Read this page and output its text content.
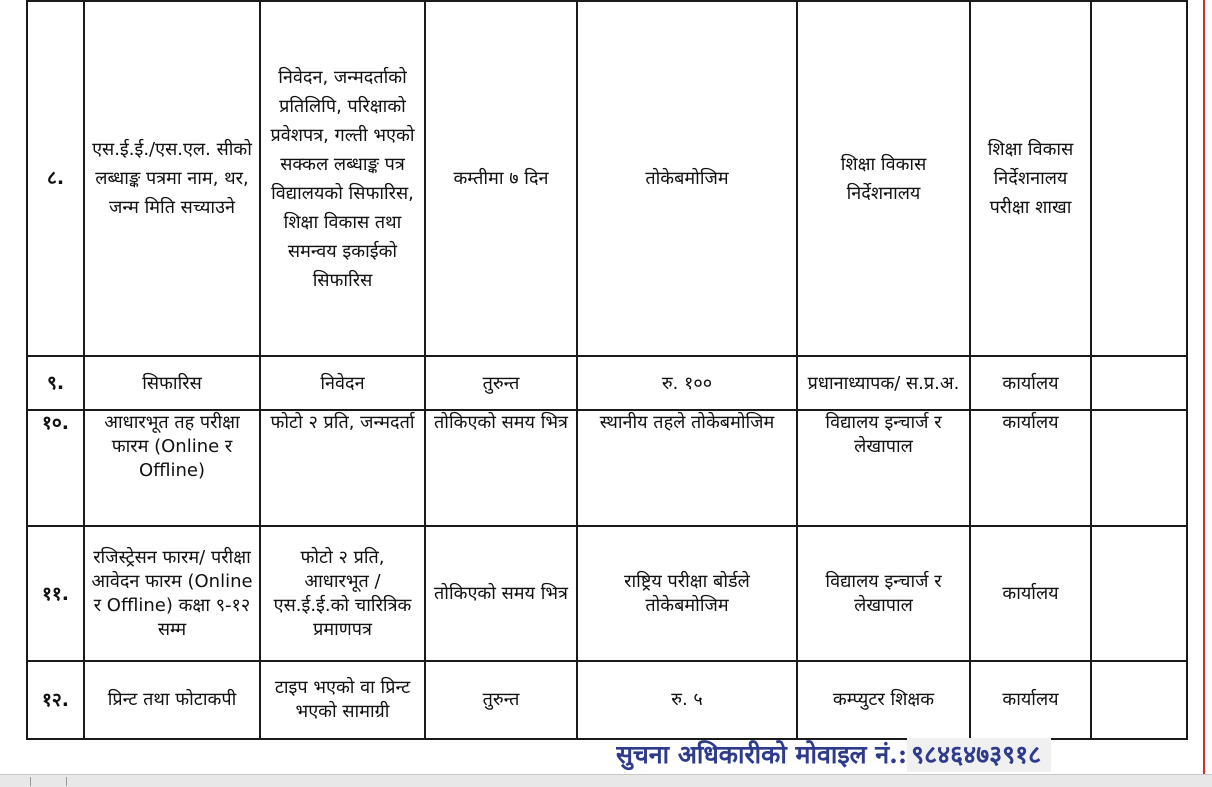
८.	एस.ई.ई./एस.एल. सीको लब्धाङ्क पत्रमा नाम, थर, जन्म मिति सच्याउने	निवेदन, जन्मदर्ताको प्रतिलिपि, परिक्षाको प्रवेशपत्र, गल्ती भएको सक्कल लब्धाङ्क पत्र विद्यालयको सिफारिस, शिक्षा विकास तथा समन्वय इकाईको सिफारिस	कम्तीमा ७ दिन	तोकेबमोजिम	शिक्षा विकास निर्देशनालय	शिक्षा विकास निर्देशनालय परीक्षा शाखा	
९.	सिफारिस	निवेदन	तुरुन्त	रु. १००	प्रधानाध्यापक/ स.प्र.अ.	कार्यालय	
१०.	आधारभूत तह परीक्षा फारम (Online र Offline)	फोटो २ प्रति, जन्मदर्ता	तोकिएको समय भित्र	स्थानीय तहले तोकेबमोजिम	विद्यालय इन्चार्ज र लेखापाल	कार्यालय	
११.	रजिस्ट्रेसन फारम/ परीक्षा आवेदन फारम (Online र Offline) कक्षा ९-१२ सम्म	फोटो २ प्रति, आधारभूत /एस.ई.ई.को चारित्रिक प्रमाणपत्र	तोकिएको समय भित्र	राष्ट्रिय परीक्षा बोर्डले तोकेबमोजिम	विद्यालय इन्चार्ज र लेखापाल	कार्यालय	
१२.	प्रिन्ट तथा फोटाकपी	टाइप भएको वा प्रिन्ट भएको सामाग्री	तुरुन्त	रु. ५	कम्प्युटर शिक्षक	कार्यालय	
सुचना अधिकारीको मोवाइल नं.: ९८४६४७३९१८
